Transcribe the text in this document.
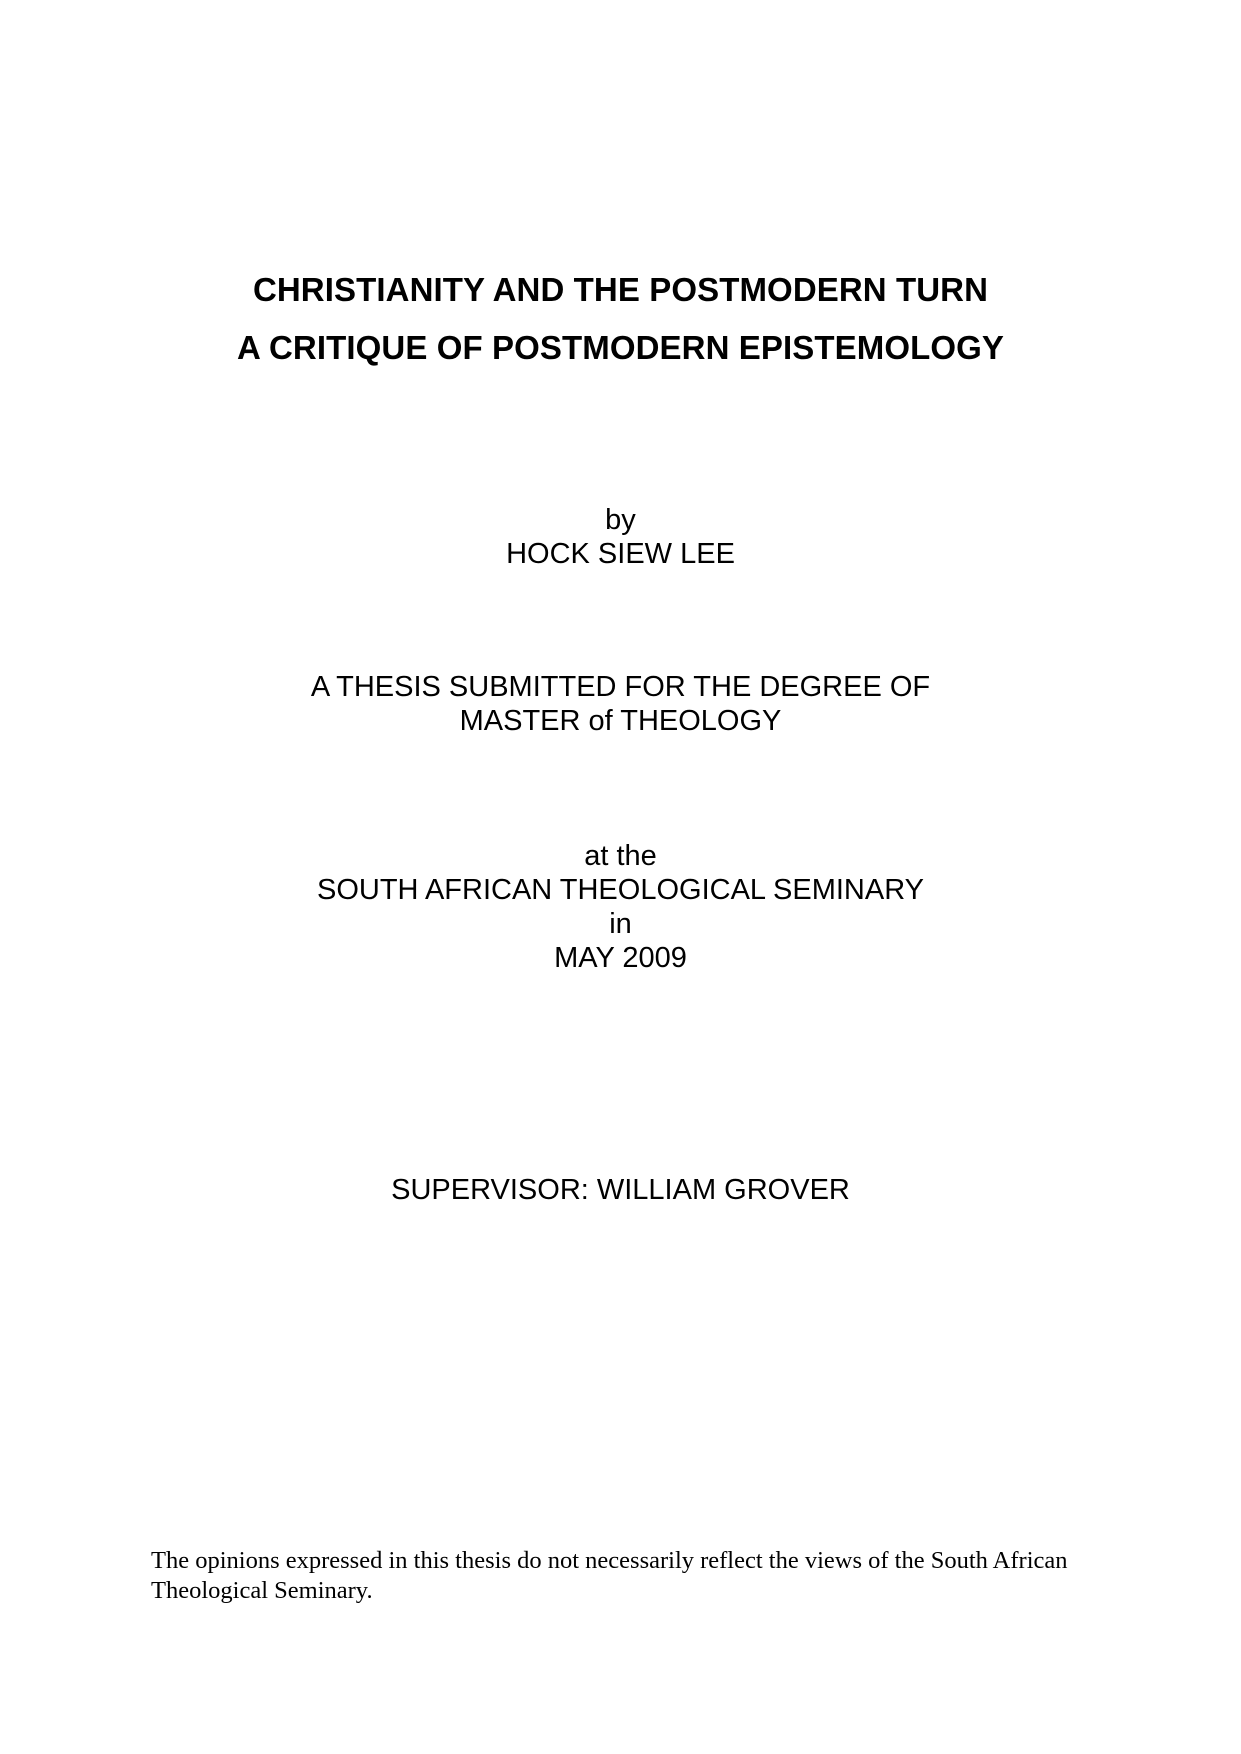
CHRISTIANITY AND THE POSTMODERN TURN
A CRITIQUE OF POSTMODERN EPISTEMOLOGY
by
HOCK SIEW LEE
A THESIS SUBMITTED FOR THE DEGREE OF
MASTER of THEOLOGY
at the
SOUTH AFRICAN THEOLOGICAL SEMINARY
in
MAY 2009
SUPERVISOR: WILLIAM GROVER
The opinions expressed in this thesis do not necessarily reflect the views of the South African Theological Seminary.
